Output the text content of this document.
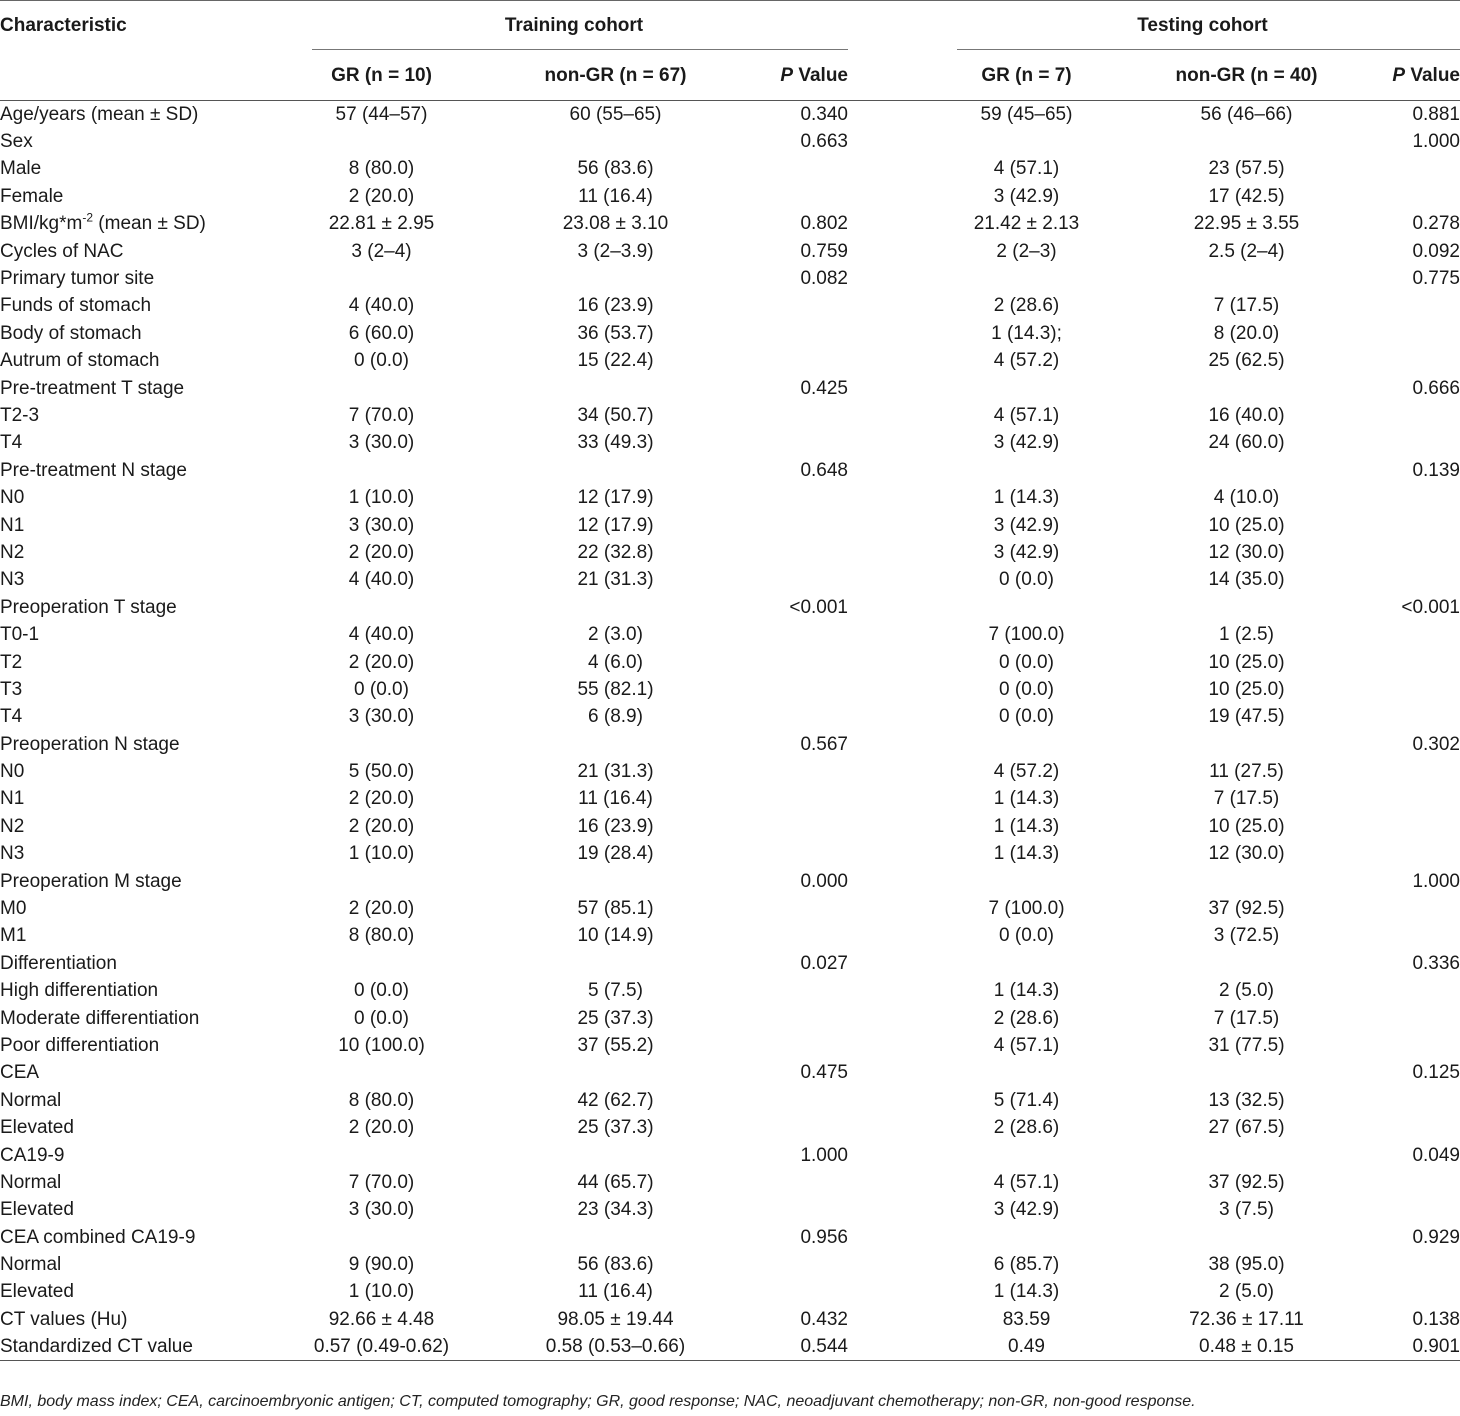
Characteristic	Training cohort				Testing cohort		
	GR (n = 10)	non-GR (n = 67)	P Value		GR (n = 7)	non-GR (n = 40)	P Value
Age/years (mean ± SD)	57 (44–57)	60 (55–65)	0.340		59 (45–65)	56 (46–66)	0.881
Sex			0.663				1.000
Male	8 (80.0)	56 (83.6)			4 (57.1)	23 (57.5)	
Female	2 (20.0)	11 (16.4)			3 (42.9)	17 (42.5)	
BMI/$kg*m^{-2}$ (mean ± SD)	22.81 ± 2.95	23.08 ± 3.10	0.802		21.42 ± 2.13	22.95 ± 3.55	0.278
Cycles of NAC	3 (2–4)	3 (2–3.9)	0.759		2 (2–3)	2.5 (2–4)	0.092
Primary tumor site			0.082				0.775
Funds of stomach	4 (40.0)	16 (23.9)			2 (28.6)	7 (17.5)	
Body of stomach	6 (60.0)	36 (53.7)			1 (14.3);	8 (20.0)	
Autrum of stomach	0 (0.0)	15 (22.4)			4 (57.2)	25 (62.5)	
Pre-treatment T stage			0.425				0.666
T2-3	7 (70.0)	34 (50.7)			4 (57.1)	16 (40.0)	
T4	3 (30.0)	33 (49.3)			3 (42.9)	24 (60.0)	
Pre-treatment N stage			0.648				0.139
N0	1 (10.0)	12 (17.9)			1 (14.3)	4 (10.0)	
N1	3 (30.0)	12 (17.9)			3 (42.9)	10 (25.0)	
N2	2 (20.0)	22 (32.8)			3 (42.9)	12 (30.0)	
N3	4 (40.0)	21 (31.3)			0 (0.0)	14 (35.0)	
Preoperation T stage			<0.001				<0.001
T0-1	4 (40.0)	2 (3.0)			7 (100.0)	1 (2.5)	
T2	2 (20.0)	4 (6.0)			0 (0.0)	10 (25.0)	
T3	0 (0.0)	55 (82.1)			0 (0.0)	10 (25.0)	
T4	3 (30.0)	6 (8.9)			0 (0.0)	19 (47.5)	
Preoperation N stage			0.567				0.302
N0	5 (50.0)	21 (31.3)			4 (57.2)	11 (27.5)	
N1	2 (20.0)	11 (16.4)			1 (14.3)	7 (17.5)	
N2	2 (20.0)	16 (23.9)			1 (14.3)	10 (25.0)	
N3	1 (10.0)	19 (28.4)			1 (14.3)	12 (30.0)	
Preoperation M stage			0.000				1.000
M0	2 (20.0)	57 (85.1)			7 (100.0)	37 (92.5)	
M1	8 (80.0)	10 (14.9)			0 (0.0)	3 (72.5)	
Differentiation			0.027				0.336
High differentiation	0 (0.0)	5 (7.5)			1 (14.3)	2 (5.0)	
Moderate differentiation	0 (0.0)	25 (37.3)			2 (28.6)	7 (17.5)	
Poor differentiation	10 (100.0)	37 (55.2)			4 (57.1)	31 (77.5)	
CEA			0.475				0.125
Normal	8 (80.0)	42 (62.7)			5 (71.4)	13 (32.5)	
Elevated	2 (20.0)	25 (37.3)			2 (28.6)	27 (67.5)	
CA19-9			1.000				0.049
Normal	7 (70.0)	44 (65.7)			4 (57.1)	37 (92.5)	
Elevated	3 (30.0)	23 (34.3)			3 (42.9)	3 (7.5)	
CEA combined CA19-9			0.956				0.929
Normal	9 (90.0)	56 (83.6)			6 (85.7)	38 (95.0)	
Elevated	1 (10.0)	11 (16.4)			1 (14.3)	2 (5.0)	
CT values (Hu)	92.66 ± 4.48	98.05 ± 19.44	0.432		83.59	72.36 ± 17.11	0.138
Standardized CT value	0.57 (0.49-0.62)	0.58 (0.53–0.66)	0.544		0.49	0.48 ± 0.15	0.901

BMI, body mass index; CEA, carcinoembryonic antigen; CT, computed tomography; GR, good response; NAC, neoadjuvant chemotherapy; non-GR, non-good response.
